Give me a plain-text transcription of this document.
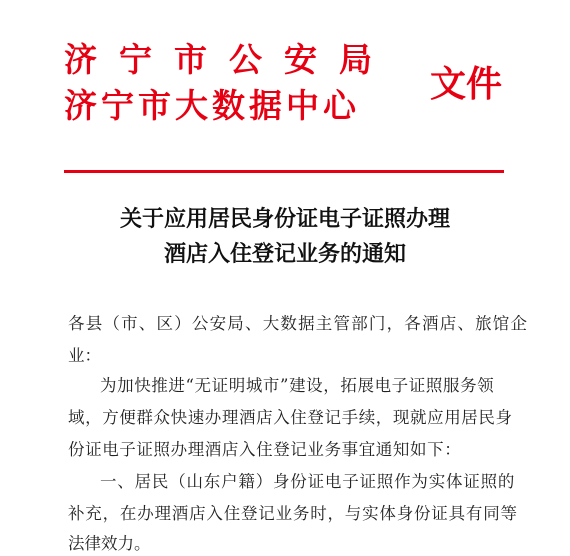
济宁市公安局
济宁市大数据中心
文件
关于应用居民身份证电子证照办理
酒店入住登记业务的通知
各县（市、区）公安局、大数据主管部门，各酒店、旅馆企
业：
为加快推进“无证明城市”建设，拓展电子证照服务领
域，方便群众快速办理酒店入住登记手续，现就应用居民身
份证电子证照办理酒店入住登记业务事宜通知如下：
一、居民（山东户籍）身份证电子证照作为实体证照的
补充，在办理酒店入住登记业务时，与实体身份证具有同等
法律效力。
